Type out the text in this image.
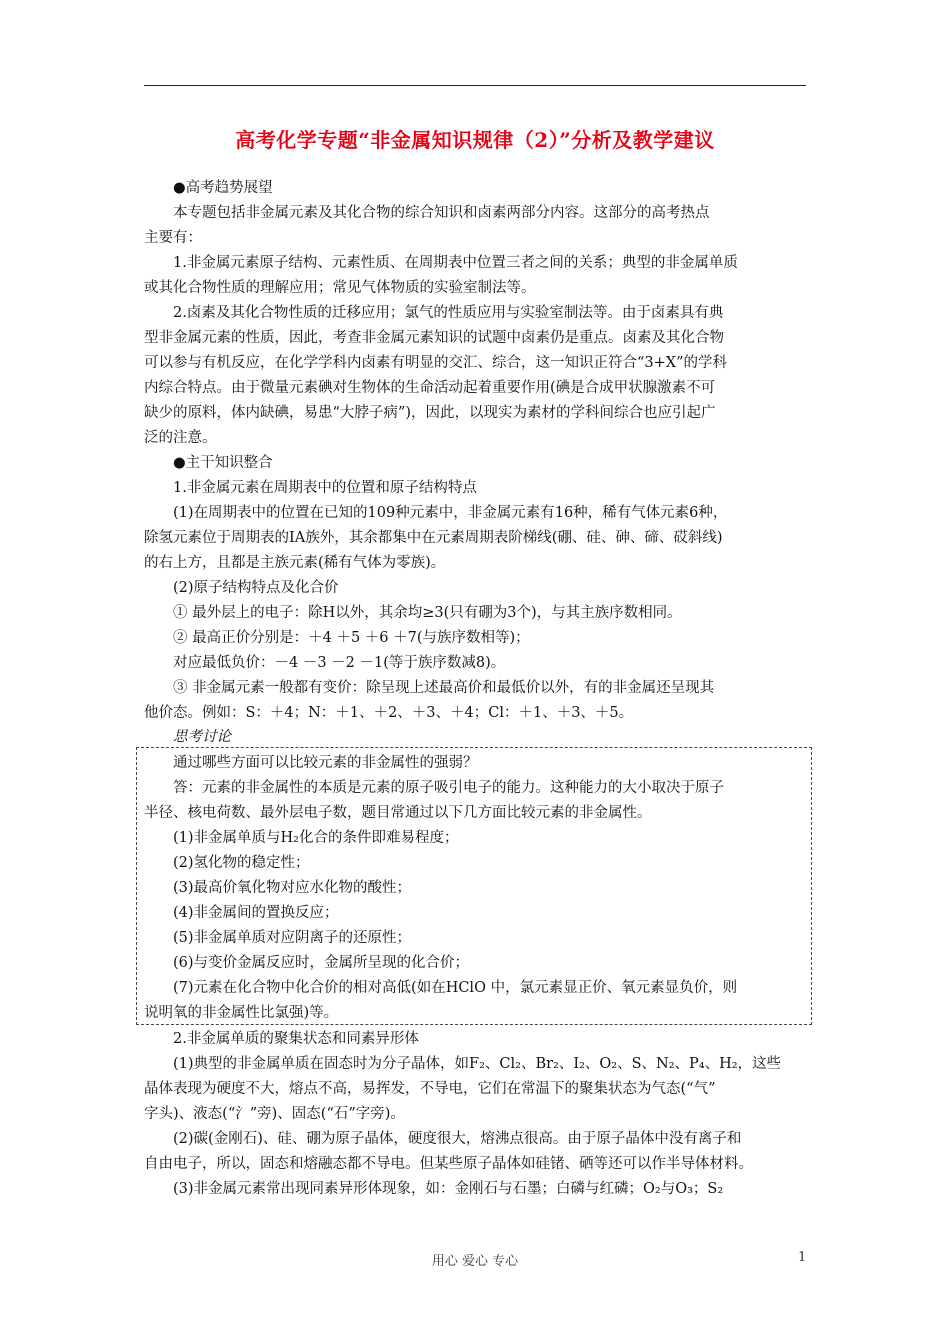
高考化学专题“非金属知识规律（2）”分析及教学建议
●高考趋势展望
本专题包括非金属元素及其化合物的综合知识和卤素两部分内容。这部分的高考热点
主要有：
1.非金属元素原子结构、元素性质、在周期表中位置三者之间的关系；典型的非金属单质
或其化合物性质的理解应用；常见气体物质的实验室制法等。
2.卤素及其化合物性质的迁移应用；氯气的性质应用与实验室制法等。由于卤素具有典
型非金属元素的性质，因此，考查非金属元素知识的试题中卤素仍是重点。卤素及其化合物
可以参与有机反应，在化学学科内卤素有明显的交汇、综合，这一知识正符合“3+X”的学科
内综合特点。由于微量元素碘对生物体的生命活动起着重要作用(碘是合成甲状腺激素不可
缺少的原料，体内缺碘，易患“大脖子病”)，因此，以现实为素材的学科间综合也应引起广
泛的注意。
●主干知识整合
1.非金属元素在周期表中的位置和原子结构特点
(1)在周期表中的位置在已知的109种元素中，非金属元素有16种，稀有气体元素6种，
除氢元素位于周期表的ⅠA族外，其余都集中在元素周期表阶梯线(硼、硅、砷、碲、砹斜线)
的右上方，且都是主族元素(稀有气体为零族)。
(2)原子结构特点及化合价
① 最外层上的电子：除H以外，其余均≥3(只有硼为3个)，与其主族序数相同。
② 最高正价分别是：＋4 ＋5 ＋6 ＋7(与族序数相等)；
对应最低负价：－4 －3 －2 －1(等于族序数减8)。
③ 非金属元素一般都有变价：除呈现上述最高价和最低价以外，有的非金属还呈现其
他价态。例如：S：＋4；N：＋1、＋2、＋3、＋4；Cl：＋1、＋3、＋5。
思考讨论
通过哪些方面可以比较元素的非金属性的强弱？
答：元素的非金属性的本质是元素的原子吸引电子的能力。这种能力的大小取决于原子
半径、核电荷数、最外层电子数，题目常通过以下几方面比较元素的非金属性。
(1)非金属单质与H₂化合的条件即难易程度；
(2)氢化物的稳定性；
(3)最高价氧化物对应水化物的酸性；
(4)非金属间的置换反应；
(5)非金属单质对应阴离子的还原性；
(6)与变价金属反应时，金属所呈现的化合价；
(7)元素在化合物中化合价的相对高低(如在HClO 中，氯元素显正价、氧元素显负价，则
说明氧的非金属性比氯强)等。
2.非金属单质的聚集状态和同素异形体
(1)典型的非金属单质在固态时为分子晶体，如F₂、Cl₂、Br₂、I₂、O₂、S、N₂、P₄、H₂，这些
晶体表现为硬度不大，熔点不高，易挥发，不导电，它们在常温下的聚集状态为气态(“气”
字头)、液态(“氵”旁)、固态(“石”字旁)。
(2)碳(金刚石)、硅、硼为原子晶体，硬度很大，熔沸点很高。由于原子晶体中没有离子和
自由电子，所以，固态和熔融态都不导电。但某些原子晶体如硅锗、硒等还可以作半导体材料。
(3)非金属元素常出现同素异形体现象，如：金刚石与石墨；白磷与红磷；O₂与O₃；S₂
用心 爱心 专心	1
